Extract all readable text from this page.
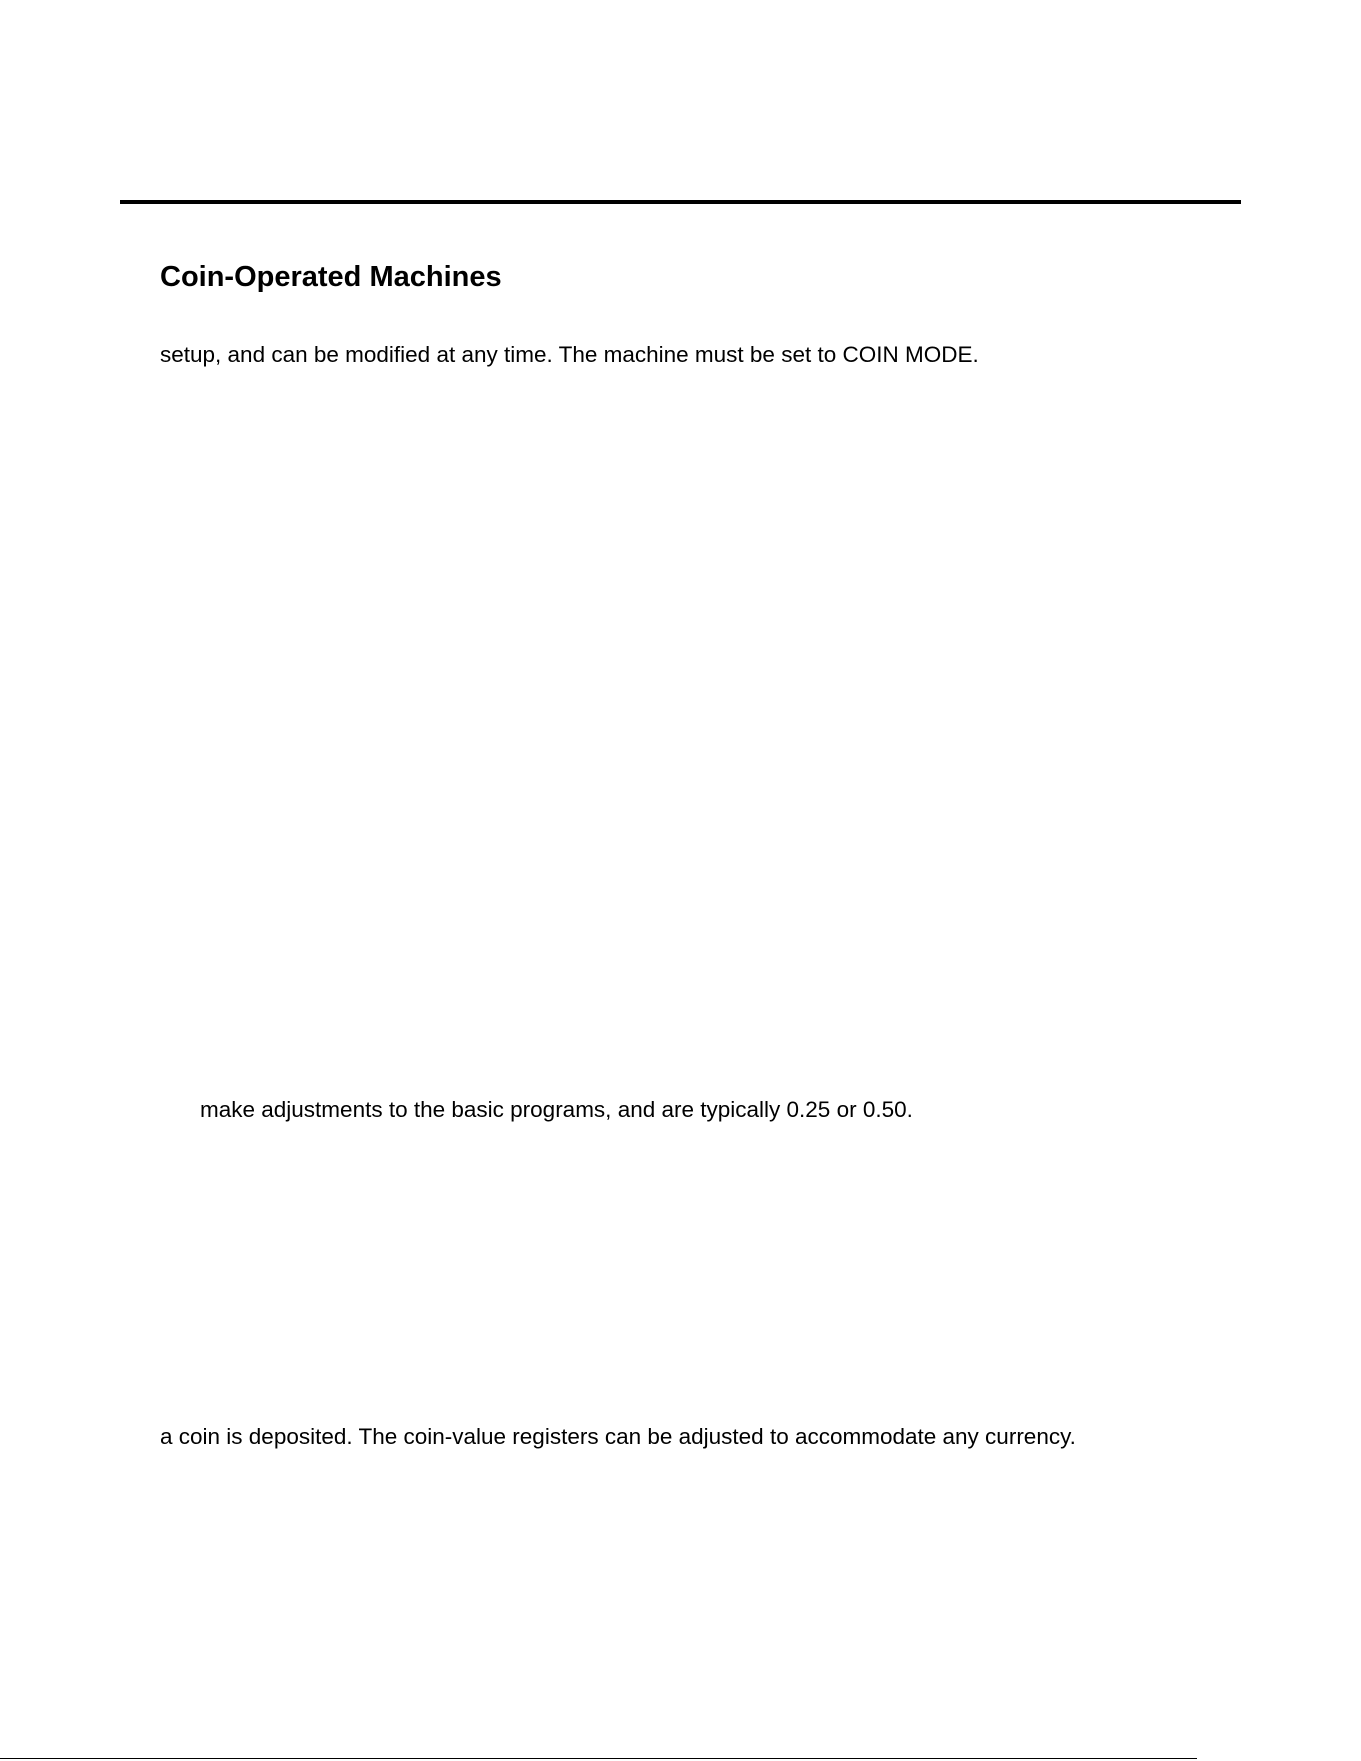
Coin-Operated Machines

setup, and can be modified at any time. The machine must be set to COIN MODE.

make adjustments to the basic programs, and are typically 0.25 or 0.50.

a coin is deposited. The coin-value registers can be adjusted to accommodate any currency.
